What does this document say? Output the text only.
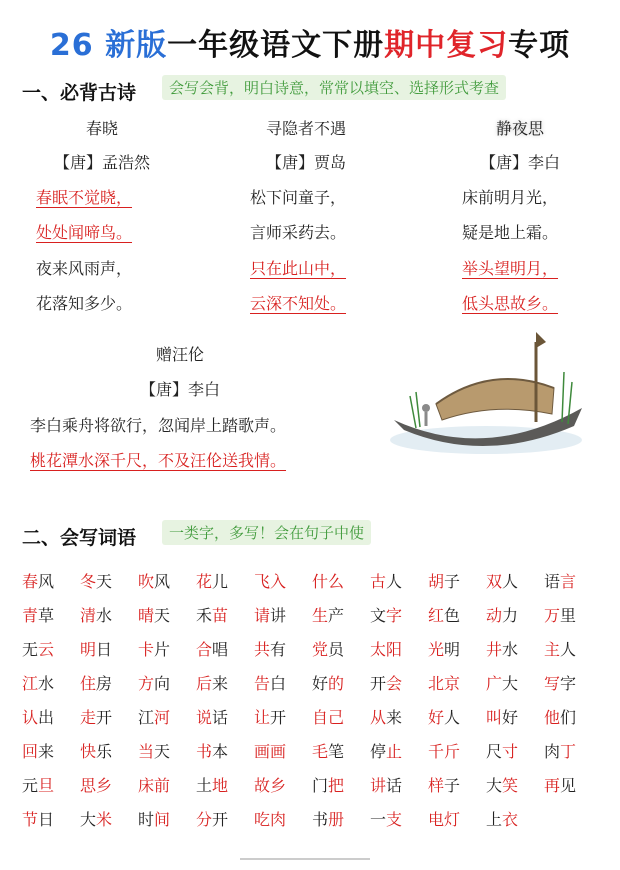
26 新版一年级语文下册期中复习专项
一、必背古诗	会写会背，明白诗意，常常以填空、选择形式考查
春晓
【唐】孟浩然
春眠不觉晓，
处处闻啼鸟。
夜来风雨声，
花落知多少。
寻隐者不遇
【唐】贾岛
松下问童子，
言师采药去。
只在此山中，
云深不知处。
静夜思
【唐】李白
床前明月光，
疑是地上霜。
举头望明月，
低头思故乡。
赠汪伦
【唐】李白
李白乘舟将欲行，忽闻岸上踏歌声。
桃花潭水深千尺，不及汪伦送我情。
二、会写词语	一类字，多写！会在句子中使
春风	冬天	吹风	花儿	飞入	什么	古人	胡子	双人	语言
青草	清水	晴天	禾苗	请讲	生产	文字	红色	动力	万里
无云	明日	卡片	合唱	共有	党员	太阳	光明	井水	主人
江水	住房	方向	后来	告白	好的	开会	北京	广大	写字
认出	走开	江河	说话	让开	自己	从来	好人	叫好	他们
回来	快乐	当天	书本	画画	毛笔	停止	千斤	尺寸	肉丁
元旦	思乡	床前	土地	故乡	门把	讲话	样子	大笑	再见
节日	大米	时间	分开	吃肉	书册	一支	电灯	上衣
